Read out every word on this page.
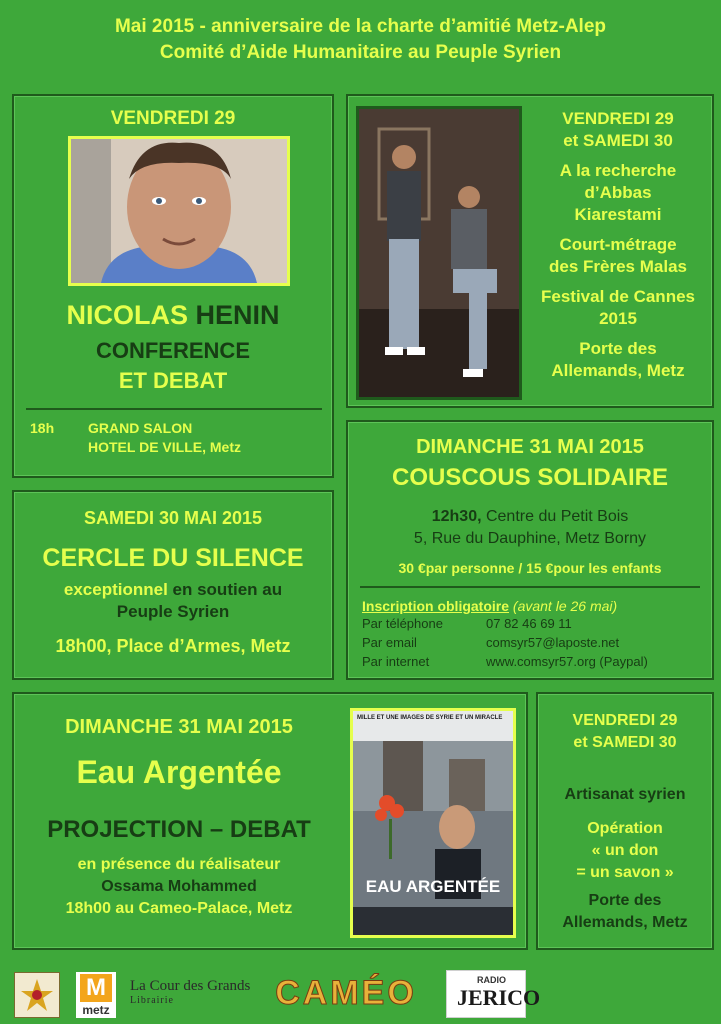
Mai 2015 - anniversaire de la charte d’amitié Metz-Alep
Comité d’Aide Humanitaire au Peuple Syrien
VENDREDI 29
NICOLAS HENIN
CONFERENCE
ET DEBAT
18h GRAND SALON
HOTEL DE VILLE, Metz
VENDREDI 29
et SAMEDI 30
A la recherche
d’Abbas
Kiarestami
Court-métrage
des Frères Malas
Festival de Cannes
2015
Porte des
Allemands, Metz
SAMEDI 30 MAI 2015
CERCLE DU SILENCE
exceptionnel en soutien au
Peuple Syrien
18h00, Place d’Armes, Metz
DIMANCHE 31 MAI 2015
COUSCOUS SOLIDAIRE
12h30, Centre du Petit Bois
5, Rue du Dauphine, Metz Borny
30 €par personne / 15 €pour les enfants
Inscription obligatoire (avant le 26 mai)
Par téléphone	07 82 46 69 11
Par email	comsyr57@laposte.net
Par internet	www.comsyr57.org (Paypal)
DIMANCHE 31 MAI 2015
Eau Argentée
PROJECTION – DEBAT
en présence du réalisateur
Ossama Mohammed
18h00 au Cameo-Palace, Metz
MILLE ET UNE IMAGES DE SYRIE ET UN MIRACLE
EAU ARGENTÉE
VENDREDI 29
et SAMEDI 30
Artisanat syrien
Opération
« un don
= un savon »
Porte des
Allemands, Metz
M
metz
La Cour des Grands
Librairie	CAMÉO	RADIO
JERICO
